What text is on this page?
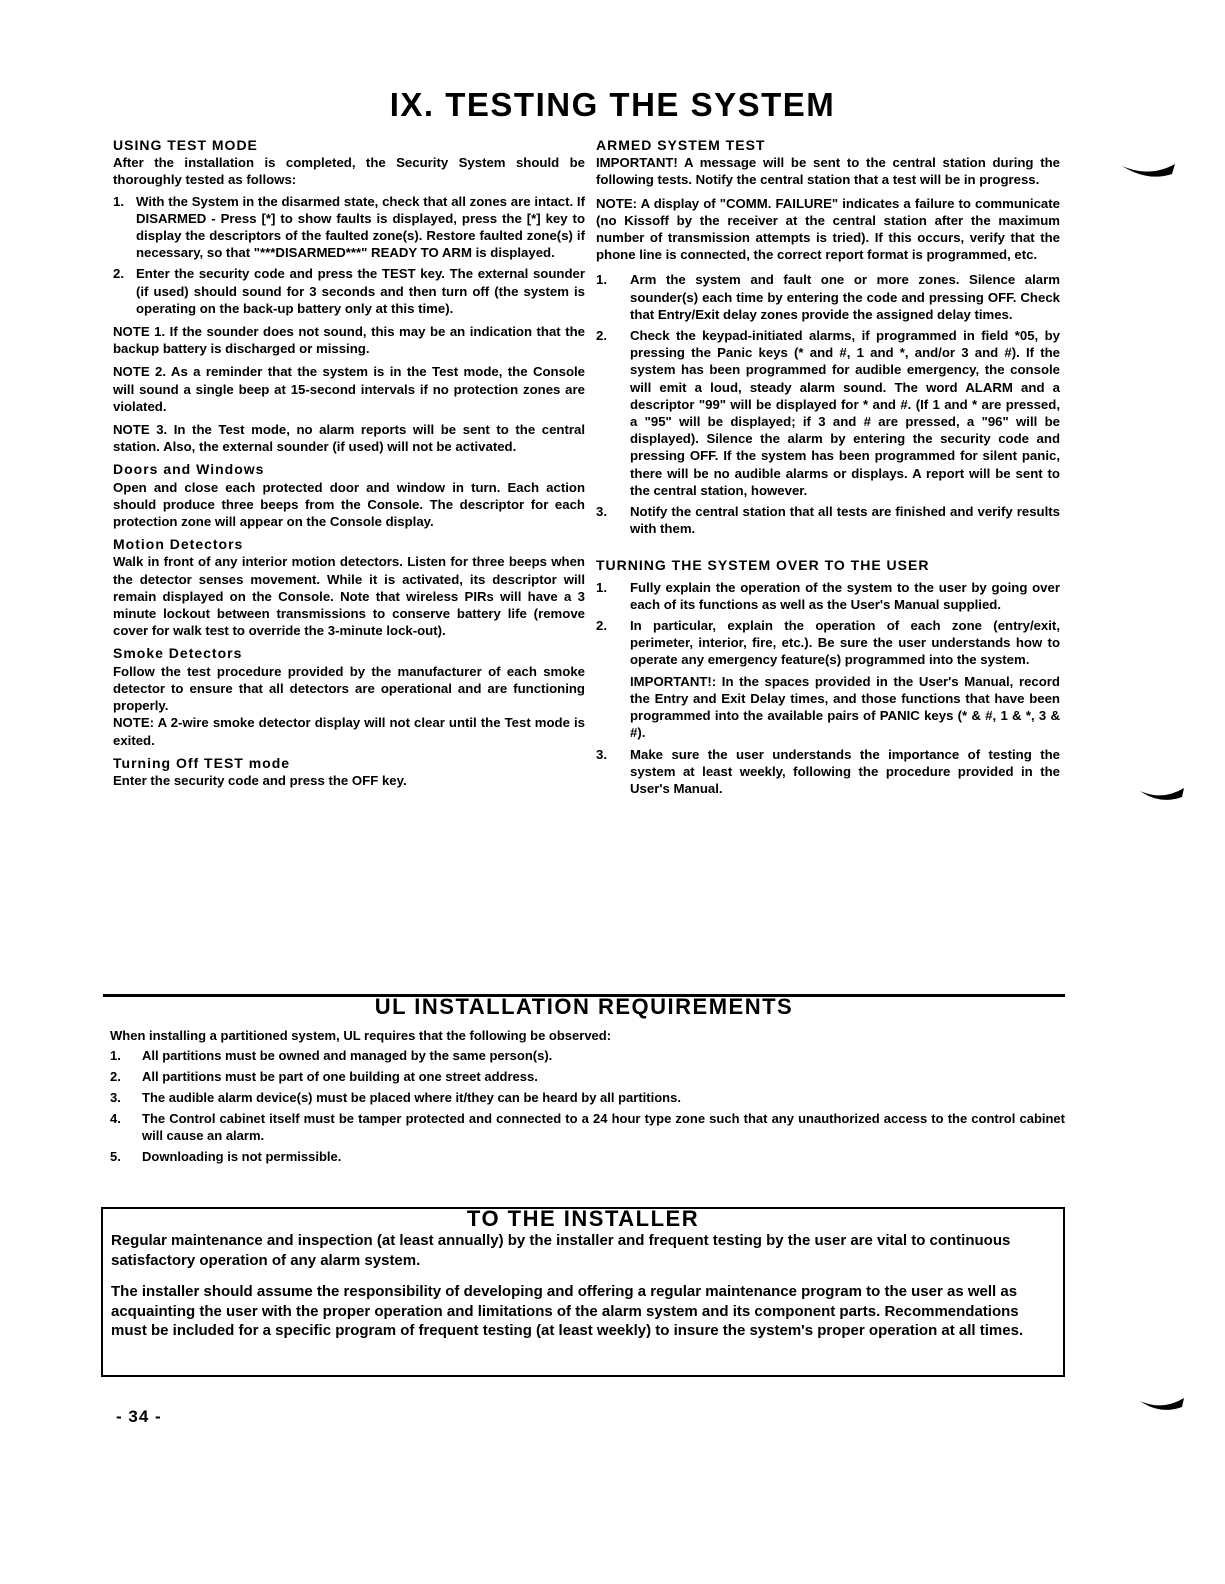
IX. TESTING THE SYSTEM

USING TEST MODE

After the installation is completed, the Security System should be thoroughly tested as follows:

1. With the System in the disarmed state, check that all zones are intact. If DISARMED - Press [*] to show faults is displayed, press the [*] key to display the descriptors of the faulted zone(s). Restore faulted zone(s) if necessary, so that "***DISARMED***" READY TO ARM is displayed.
2. Enter the security code and press the TEST key. The external sounder (if used) should sound for 3 seconds and then turn off (the system is operating on the back-up battery only at this time).

NOTE 1. If the sounder does not sound, this may be an indication that the backup battery is discharged or missing.

NOTE 2. As a reminder that the system is in the Test mode, the Console will sound a single beep at 15-second intervals if no protection zones are violated.

NOTE 3. In the Test mode, no alarm reports will be sent to the central station. Also, the external sounder (if used) will not be activated.

Doors and Windows

Open and close each protected door and window in turn. Each action should produce three beeps from the Console. The descriptor for each protection zone will appear on the Console display.

Motion Detectors

Walk in front of any interior motion detectors. Listen for three beeps when the detector senses movement. While it is activated, its descriptor will remain displayed on the Console. Note that wireless PIRs will have a 3 minute lockout between transmissions to conserve battery life (remove cover for walk test to override the 3-minute lock-out).

Smoke Detectors

Follow the test procedure provided by the manufacturer of each smoke detector to ensure that all detectors are operational and are functioning properly.

NOTE: A 2-wire smoke detector display will not clear until the Test mode is exited.

Turning Off TEST mode

Enter the security code and press the OFF key.

ARMED SYSTEM TEST

IMPORTANT! A message will be sent to the central station during the following tests. Notify the central station that a test will be in progress.

NOTE: A display of "COMM. FAILURE" indicates a failure to communicate (no Kissoff by the receiver at the central station after the maximum number of transmission attempts is tried). If this occurs, verify that the phone line is connected, the correct report format is programmed, etc.

1.	Arm the system and fault one or more zones. Silence alarm sounder(s) each time by entering the code and pressing OFF. Check that Entry/Exit delay zones provide the assigned delay times.
2.	Check the keypad-initiated alarms, if programmed in field *05, by pressing the Panic keys (* and #, 1 and *, and/or 3 and #). If the system has been programmed for audible emergency, the console will emit a loud, steady alarm sound. The word ALARM and a descriptor "99" will be displayed for * and #. (If 1 and * are pressed, a "95" will be displayed; if 3 and # are pressed, a "96" will be displayed). Silence the alarm by entering the security code and pressing OFF. If the system has been programmed for silent panic, there will be no audible alarms or displays. A report will be sent to the central station, however.
3.	Notify the central station that all tests are finished and verify results with them.

TURNING THE SYSTEM OVER TO THE USER

1.	Fully explain the operation of the system to the user by going over each of its functions as well as the User's Manual supplied.
2.	In particular, explain the operation of each zone (entry/exit, perimeter, interior, fire, etc.). Be sure the user understands how to operate any emergency feature(s) programmed into the system.
IMPORTANT!: In the spaces provided in the User's Manual, record the Entry and Exit Delay times, and those functions that have been programmed into the available pairs of PANIC keys (* & #, 1 & *, 3 & #).
3.	Make sure the user understands the importance of testing the system at least weekly, following the procedure provided in the User's Manual.

UL INSTALLATION REQUIREMENTS

When installing a partitioned system, UL requires that the following be observed:

1.	All partitions must be owned and managed by the same person(s).
2.	All partitions must be part of one building at one street address.
3.	The audible alarm device(s) must be placed where it/they can be heard by all partitions.
4.	The Control cabinet itself must be tamper protected and connected to a 24 hour type zone such that any unauthorized access to the control cabinet will cause an alarm.
5.	Downloading is not permissible.

TO THE INSTALLER

Regular maintenance and inspection (at least annually) by the installer and frequent testing by the user are vital to continuous satisfactory operation of any alarm system.

The installer should assume the responsibility of developing and offering a regular maintenance program to the user as well as acquainting the user with the proper operation and limitations of the alarm system and its component parts. Recommendations must be included for a specific program of frequent testing (at least weekly) to insure the system's proper operation at all times.

- 34 -
